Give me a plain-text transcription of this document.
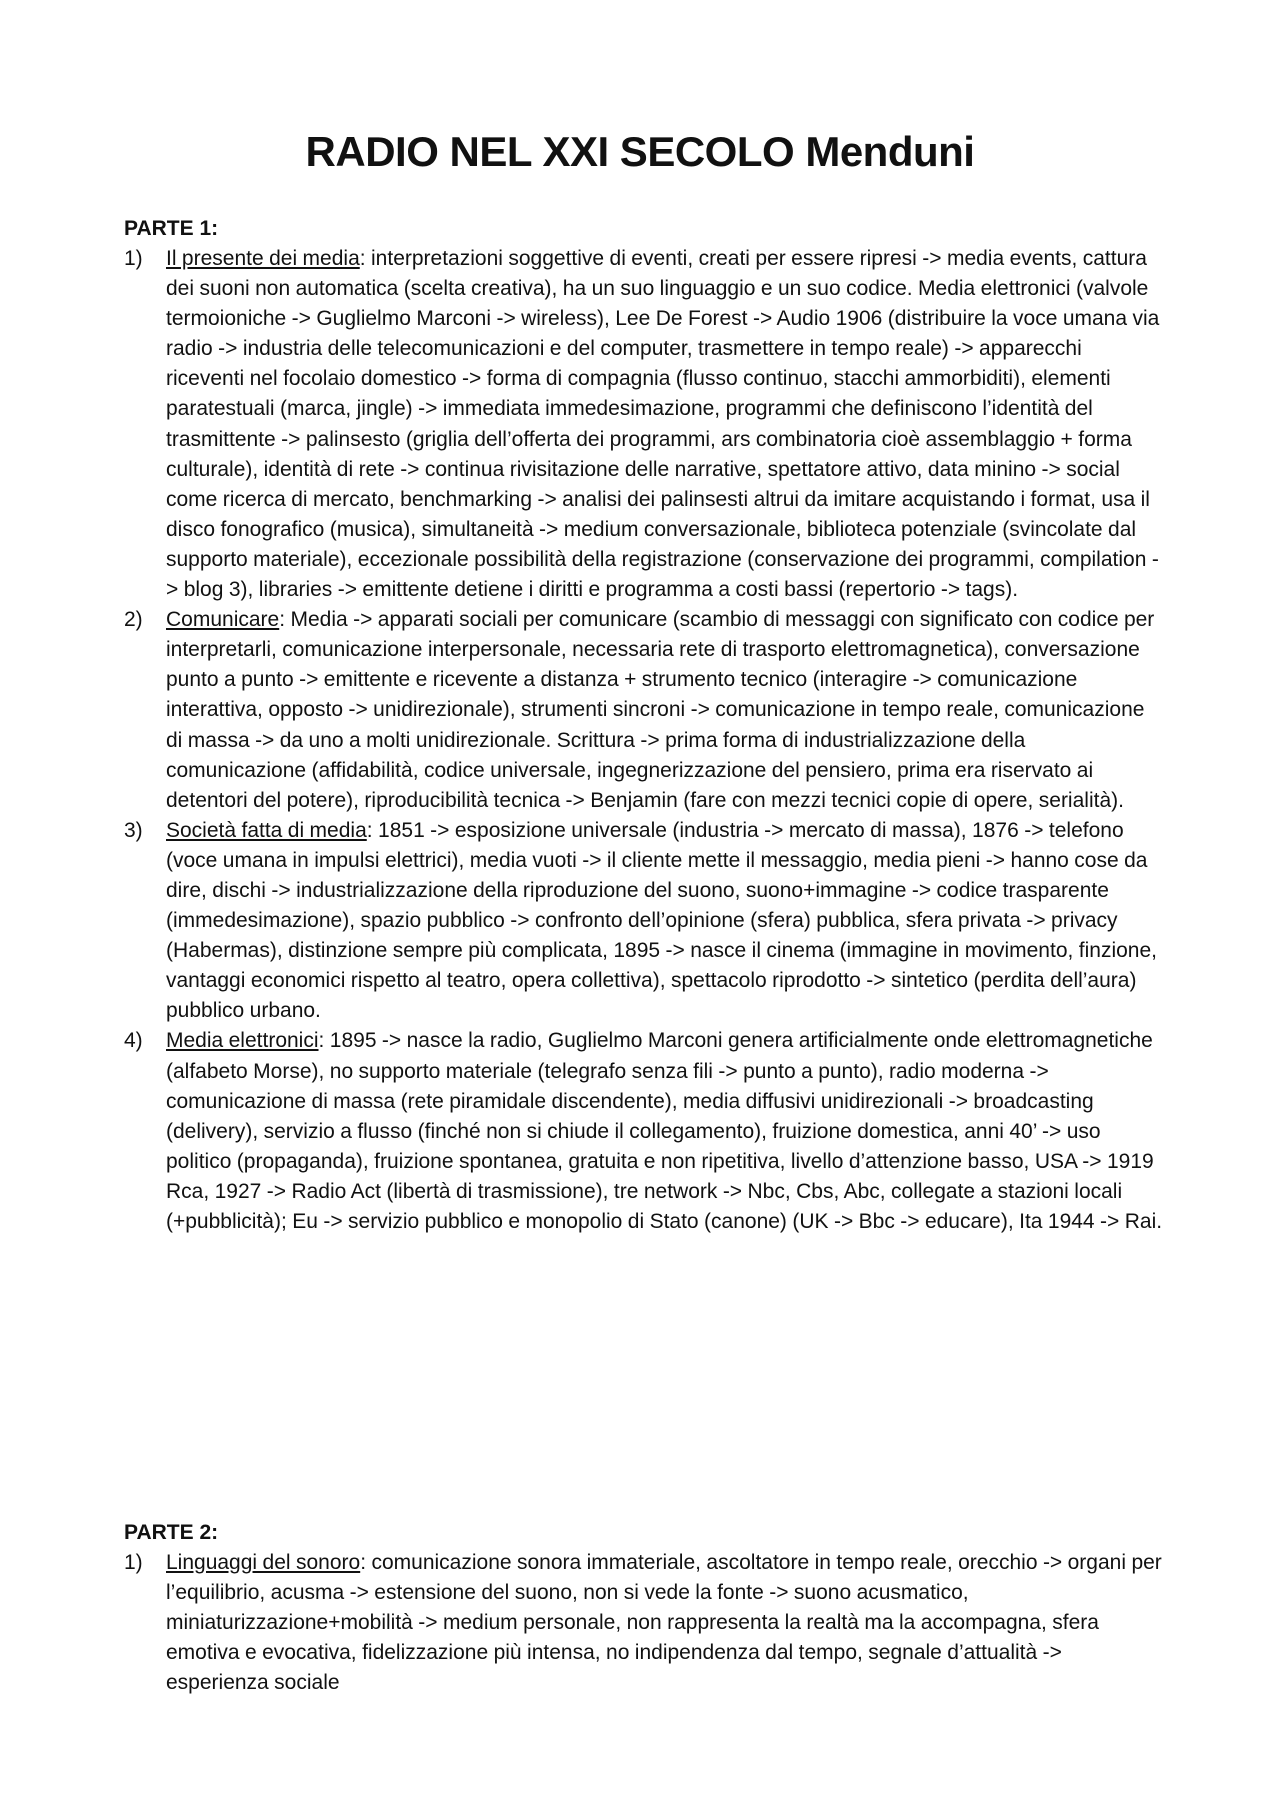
RADIO NEL XXI SECOLO Menduni

PARTE 1:

1) Il presente dei media: interpretazioni soggettive di eventi, creati per essere ripresi -> media events, cattura dei suoni non automatica (scelta creativa), ha un suo linguaggio e un suo codice. Media elettronici (valvole termoioniche -> Guglielmo Marconi -> wireless), Lee De Forest -> Audio 1906 (distribuire la voce umana via radio -> industria delle telecomunicazioni e del computer, trasmettere in tempo reale) -> apparecchi riceventi nel focolaio domestico -> forma di compagnia (flusso continuo, stacchi ammorbiditi), elementi paratestuali (marca, jingle) -> immediata immedesimazione, programmi che definiscono l’identità del trasmittente -> palinsesto (griglia dell’offerta dei programmi, ars combinatoria cioè assemblaggio + forma culturale), identità di rete -> continua rivisitazione delle narrative, spettatore attivo, data minino -> social come ricerca di mercato, benchmarking -> analisi dei palinsesti altrui da imitare acquistando i format, usa il disco fonografico (musica), simultaneità -> medium conversazionale, biblioteca potenziale (svincolate dal supporto materiale), eccezionale possibilità della registrazione (conservazione dei programmi, compilation -> blog 3), libraries -> emittente detiene i diritti e programma a costi bassi (repertorio -> tags).

2) Comunicare: Media -> apparati sociali per comunicare (scambio di messaggi con significato con codice per interpretarli, comunicazione interpersonale, necessaria rete di trasporto elettromagnetica), conversazione punto a punto -> emittente e ricevente a distanza + strumento tecnico (interagire -> comunicazione interattiva, opposto -> unidirezionale), strumenti sincroni -> comunicazione in tempo reale, comunicazione di massa -> da uno a molti unidirezionale. Scrittura -> prima forma di industrializzazione della comunicazione (affidabilità, codice universale, ingegnerizzazione del pensiero, prima era riservato ai detentori del potere), riproducibilità tecnica -> Benjamin (fare con mezzi tecnici copie di opere, serialità).

3) Società fatta di media: 1851 -> esposizione universale (industria -> mercato di massa), 1876 -> telefono (voce umana in impulsi elettrici), media vuoti -> il cliente mette il messaggio, media pieni -> hanno cose da dire, dischi -> industrializzazione della riproduzione del suono, suono+immagine -> codice trasparente (immedesimazione), spazio pubblico -> confronto dell’opinione (sfera) pubblica, sfera privata -> privacy (Habermas), distinzione sempre più complicata, 1895 -> nasce il cinema (immagine in movimento, finzione, vantaggi economici rispetto al teatro, opera collettiva), spettacolo riprodotto -> sintetico (perdita dell’aura) pubblico urbano.

4) Media elettronici: 1895 -> nasce la radio, Guglielmo Marconi genera artificialmente onde elettromagnetiche (alfabeto Morse), no supporto materiale (telegrafo senza fili -> punto a punto), radio moderna -> comunicazione di massa (rete piramidale discendente), media diffusivi unidirezionali -> broadcasting (delivery), servizio a flusso (finché non si chiude il collegamento), fruizione domestica, anni 40’ -> uso politico (propaganda), fruizione spontanea, gratuita e non ripetitiva, livello d’attenzione basso, USA -> 1919 Rca, 1927 -> Radio Act (libertà di trasmissione), tre network -> Nbc, Cbs, Abc, collegate a stazioni locali (+pubblicità); Eu -> servizio pubblico e monopolio di Stato (canone) (UK -> Bbc -> educare), Ita 1944 -> Rai.

PARTE 2:

1) Linguaggi del sonoro: comunicazione sonora immateriale, ascoltatore in tempo reale, orecchio -> organi per l’equilibrio, acusma -> estensione del suono, non si vede la fonte -> suono acusmatico, miniaturizzazione+mobilità -> medium personale, non rappresenta la realtà ma la accompagna, sfera emotiva e evocativa, fidelizzazione più intensa, no indipendenza dal tempo, segnale d’attualità -> esperienza sociale
